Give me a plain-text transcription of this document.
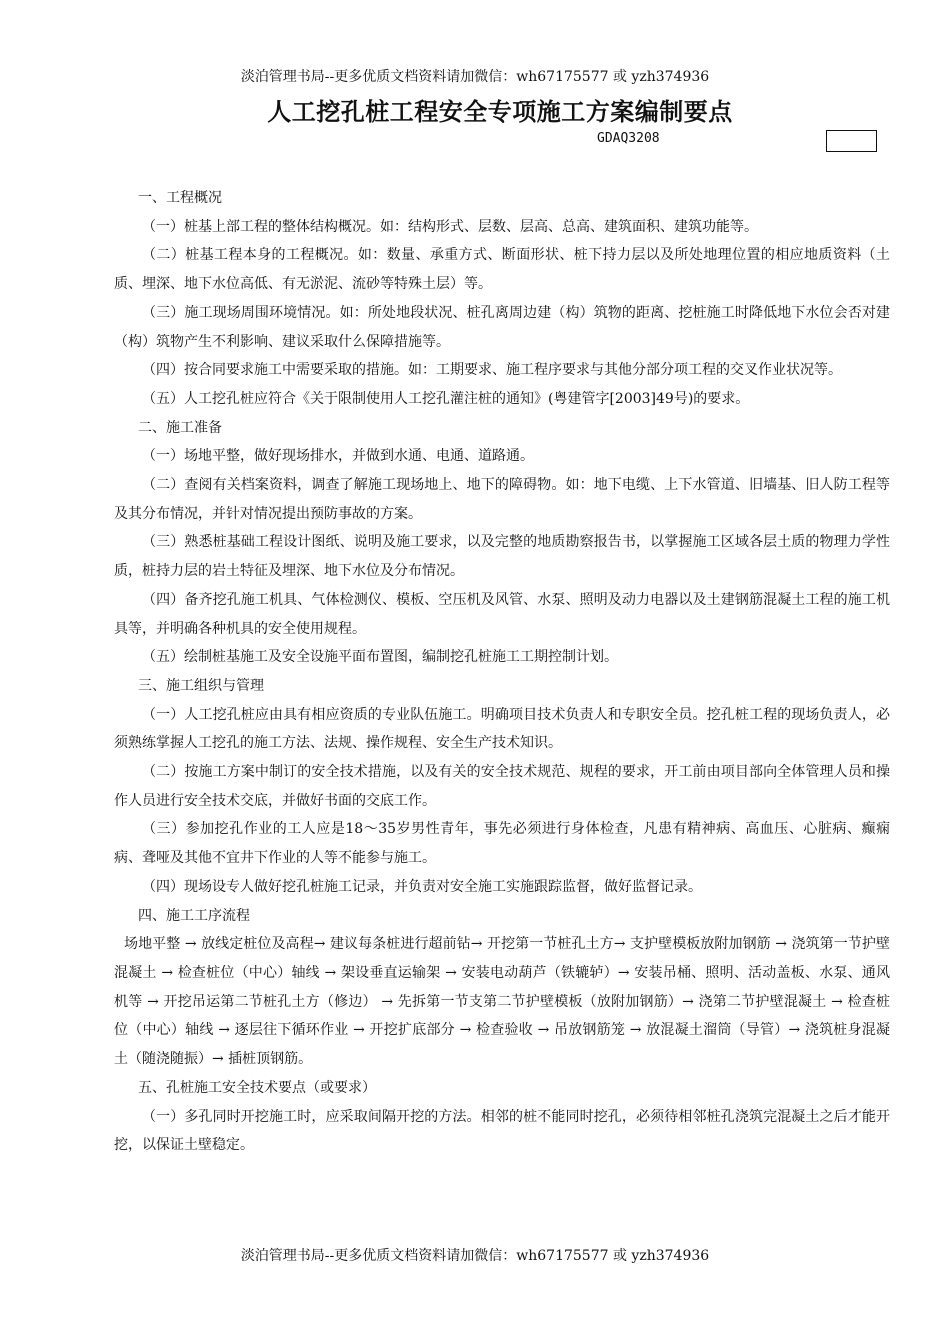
淡泊管理书局--更多优质文档资料请加微信：wh67175577 或 yzh374936
人工挖孔桩工程安全专项施工方案编制要点
GDAQ3208

一、工程概况

（一）桩基上部工程的整体结构概况。如：结构形式、层数、层高、总高、建筑面积、建筑功能等。

（二）桩基工程本身的工程概况。如：数量、承重方式、断面形状、桩下持力层以及所处地理位置的相应地质资料（土质、埋深、地下水位高低、有无淤泥、流砂等特殊土层）等。

（三）施工现场周围环境情况。如：所处地段状况、桩孔离周边建（构）筑物的距离、挖桩施工时降低地下水位会否对建（构）筑物产生不利影响、建议采取什么保障措施等。

（四）按合同要求施工中需要采取的措施。如：工期要求、施工程序要求与其他分部分项工程的交叉作业状况等。

（五）人工挖孔桩应符合《关于限制使用人工挖孔灌注桩的通知》(粤建管字[2003]49号)的要求。

二、施工准备

（一）场地平整，做好现场排水，并做到水通、电通、道路通。

（二）查阅有关档案资料，调查了解施工现场地上、地下的障碍物。如：地下电缆、上下水管道、旧墙基、旧人防工程等及其分布情况，并针对情况提出预防事故的方案。

（三）熟悉桩基础工程设计图纸、说明及施工要求，以及完整的地质勘察报告书，以掌握施工区域各层土质的物理力学性质，桩持力层的岩土特征及埋深、地下水位及分布情况。

（四）备齐挖孔施工机具、气体检测仪、模板、空压机及风管、水泵、照明及动力电器以及土建钢筋混凝土工程的施工机具等，并明确各种机具的安全使用规程。

（五）绘制桩基施工及安全设施平面布置图，编制挖孔桩施工工期控制计划。

三、施工组织与管理

（一）人工挖孔桩应由具有相应资质的专业队伍施工。明确项目技术负责人和专职安全员。挖孔桩工程的现场负责人，必须熟练掌握人工挖孔的施工方法、法规、操作规程、安全生产技术知识。

（二）按施工方案中制订的安全技术措施，以及有关的安全技术规范、规程的要求，开工前由项目部向全体管理人员和操作人员进行安全技术交底，并做好书面的交底工作。

（三）参加挖孔作业的工人应是18～35岁男性青年，事先必须进行身体检查，凡患有精神病、高血压、心脏病、癫痫病、聋哑及其他不宜井下作业的人等不能参与施工。

（四）现场设专人做好挖孔桩施工记录，并负责对安全施工实施跟踪监督，做好监督记录。

四、施工工序流程

场地平整 → 放线定桩位及高程→ 建议每条桩进行超前钻→ 开挖第一节桩孔土方→ 支护壁模板放附加钢筋 → 浇筑第一节护壁混凝土 → 检查桩位（中心）轴线 → 架设垂直运输架 → 安装电动葫芦（铁辘轳）→ 安装吊桶、照明、活动盖板、水泵、通风机等 → 开挖吊运第二节桩孔土方（修边） → 先拆第一节支第二节护壁模板（放附加钢筋）→ 浇第二节护壁混凝土 → 检查桩位（中心）轴线 → 逐层往下循环作业 → 开挖扩底部分 → 检查验收 → 吊放钢筋笼 → 放混凝土溜筒（导管）→ 浇筑桩身混凝土（随浇随振）→ 插桩顶钢筋。

五、孔桩施工安全技术要点（或要求）

（一）多孔同时开挖施工时，应采取间隔开挖的方法。相邻的桩不能同时挖孔，必须待相邻桩孔浇筑完混凝土之后才能开挖，以保证土壁稳定。

淡泊管理书局--更多优质文档资料请加微信：wh67175577 或 yzh374936
